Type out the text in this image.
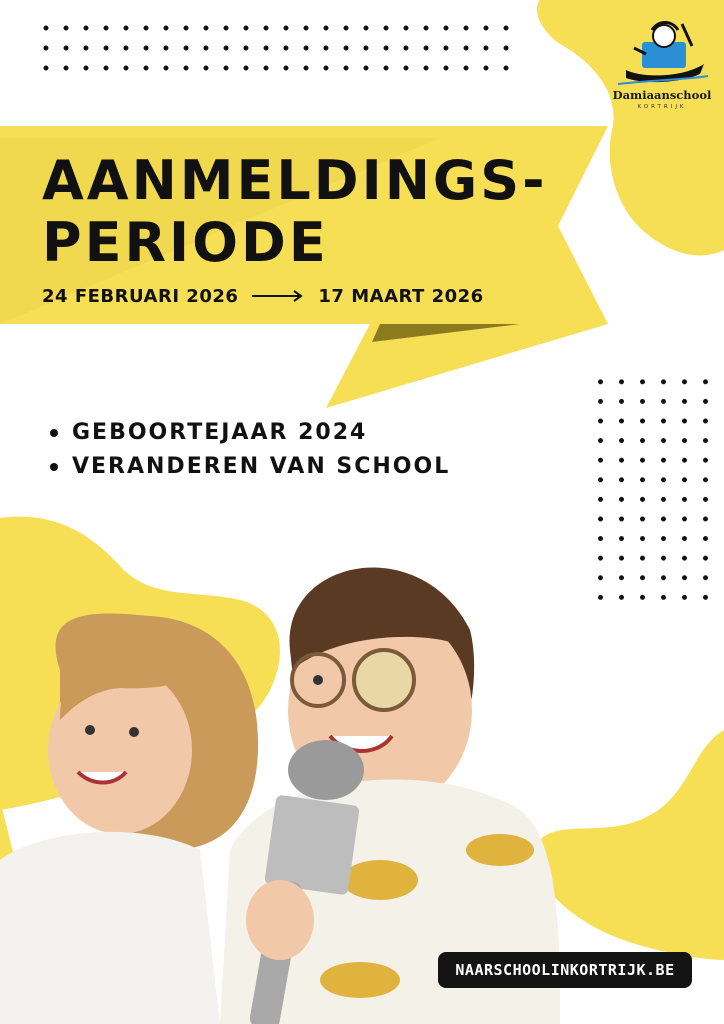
AANMELDINGS-
PERIODE
24 FEBRUARI 2026	17 MAART 2026
GEBOORTEJAAR 2024
VERANDEREN VAN SCHOOL
Damiaanschool
KORTRIJK
NAARSCHOOLINKORTRIJK.BE
